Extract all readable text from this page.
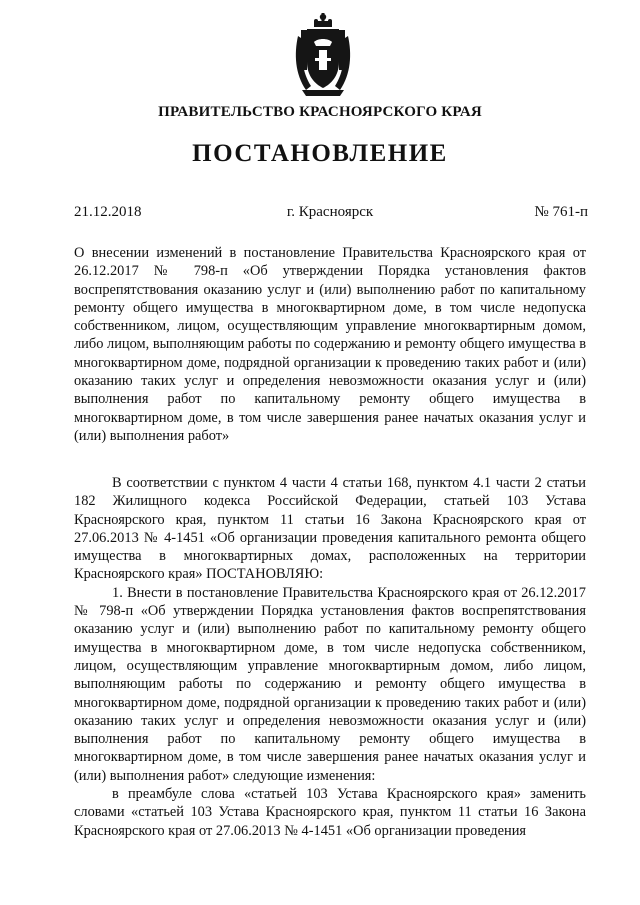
ПРАВИТЕЛЬСТВО КРАСНОЯРСКОГО КРАЯ
ПОСТАНОВЛЕНИЕ
21.12.2018	г. Красноярск	№ 761-п
О внесении изменений в постановление Правительства Красноярского края от 26.12.2017 № 798-п «Об утверждении Порядка установления фактов воспрепятствования оказанию услуг и (или) выполнению работ по капитальному ремонту общего имущества в многоквартирном доме, в том числе недопуска собственником, лицом, осуществляющим управление многоквартирным домом, либо лицом, выполняющим работы по содержанию и ремонту общего имущества в многоквартирном доме, подрядной организации к проведению таких работ и (или) оказанию таких услуг и определения невозможности оказания услуг и (или) выполнения работ по капитальному ремонту общего имущества в многоквартирном доме, в том числе завершения ранее начатых оказания услуг и (или) выполнения работ»

В соответствии с пунктом 4 части 4 статьи 168, пунктом 4.1 части 2 статьи 182 Жилищного кодекса Российской Федерации, статьей 103 Устава Красноярского края, пунктом 11 статьи 16 Закона Красноярского края от 27.06.2013 № 4-1451 «Об организации проведения капитального ремонта общего имущества в многоквартирных домах, расположенных на территории Красноярского края» ПОСТАНОВЛЯЮ:

1. Внести в постановление Правительства Красноярского края от 26.12.2017 № 798-п «Об утверждении Порядка установления фактов воспрепятствования оказанию услуг и (или) выполнению работ по капитальному ремонту общего имущества в многоквартирном доме, в том числе недопуска собственником, лицом, осуществляющим управление многоквартирным домом, либо лицом, выполняющим работы по содержанию и ремонту общего имущества в многоквартирном доме, подрядной организации к проведению таких работ и (или) оказанию таких услуг и определения невозможности оказания услуг и (или) выполнения работ по капитальному ремонту общего имущества в многоквартирном доме, в том числе завершения ранее начатых оказания услуг и (или) выполнения работ» следующие изменения:

в преамбуле слова «статьей 103 Устава Красноярского края» заменить словами «статьей 103 Устава Красноярского края, пунктом 11 статьи 16 Закона Красноярского края от 27.06.2013 № 4-1451 «Об организации проведения
